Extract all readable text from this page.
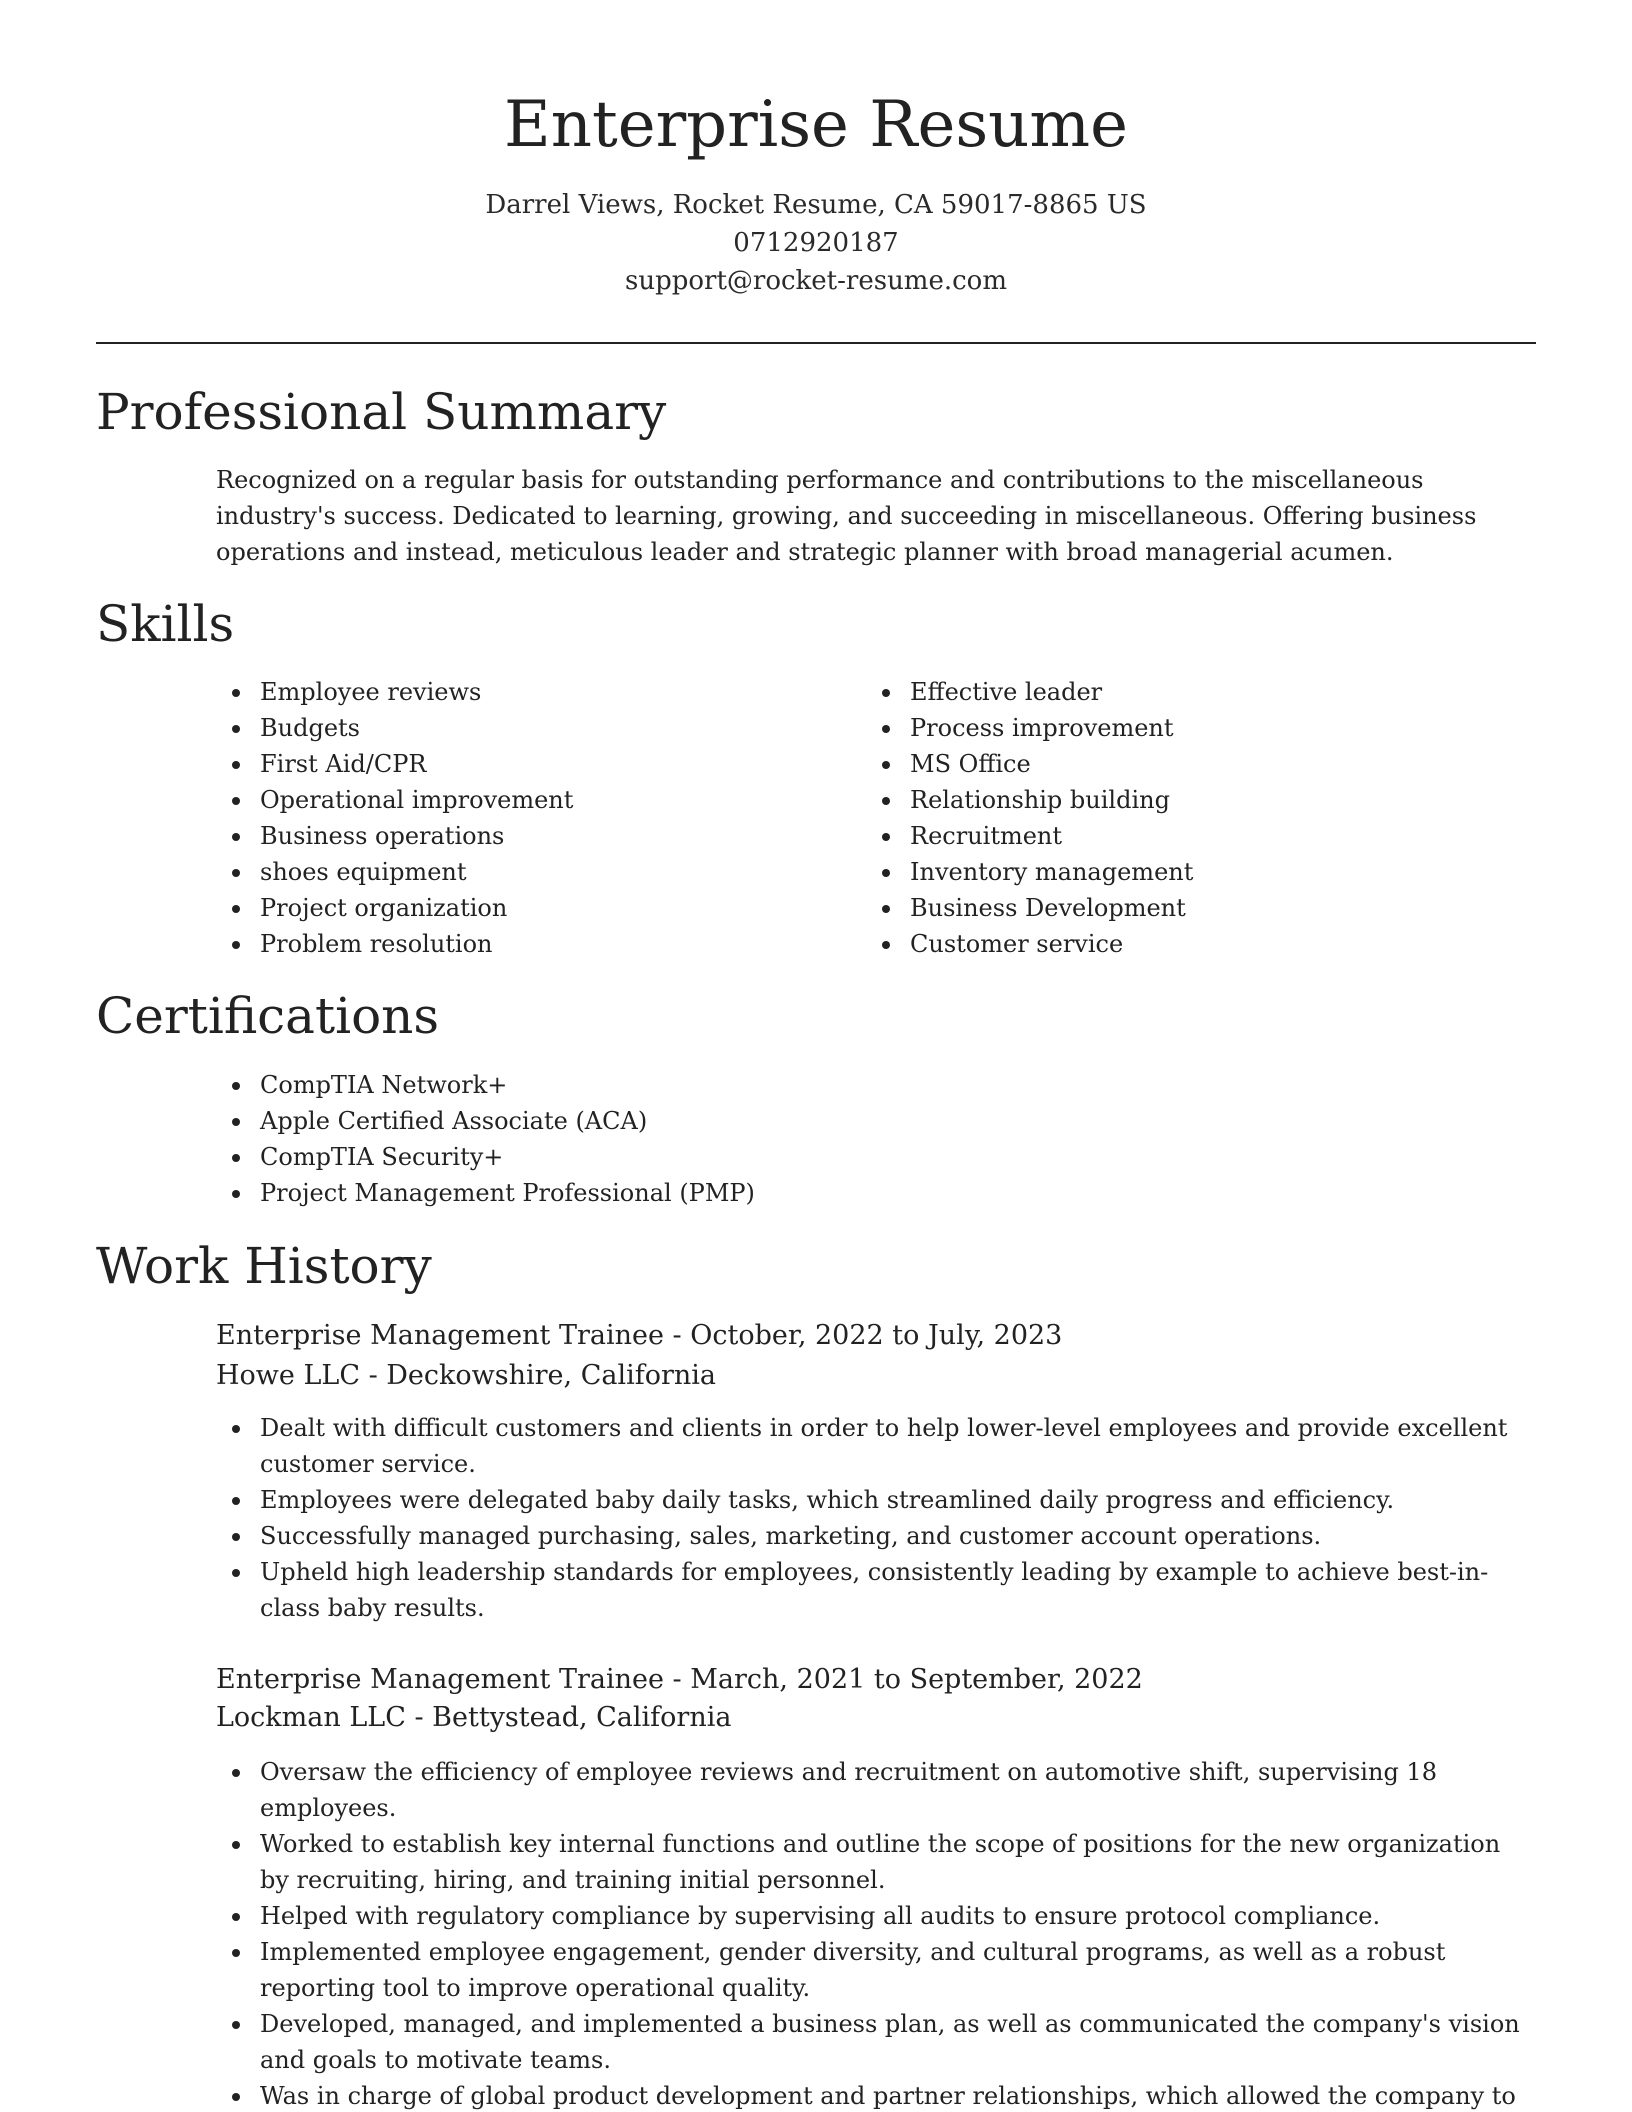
Enterprise Resume
Darrel Views, Rocket Resume, CA 59017-8865 US
0712920187
support@rocket-resume.com
Professional Summary

Recognized on a regular basis for outstanding performance and contributions to the miscellaneous industry's success. Dedicated to learning, growing, and succeeding in miscellaneous. Offering business operations and instead, meticulous leader and strategic planner with broad managerial acumen.

Skills
Employee reviews
Budgets
First Aid/CPR
Operational improvement
Business operations
shoes equipment
Project organization
Problem resolution
Effective leader
Process improvement
MS Office
Relationship building
Recruitment
Inventory management
Business Development
Customer service
Certifications
CompTIA Network+
Apple Certified Associate (ACA)
CompTIA Security+
Project Management Professional (PMP)
Work History
Enterprise Management Trainee - October, 2022 to July, 2023
Howe LLC - Deckowshire, California
Dealt with difficult customers and clients in order to help lower-level employees and provide excellent customer service.
Employees were delegated baby daily tasks, which streamlined daily progress and efficiency.
Successfully managed purchasing, sales, marketing, and customer account operations.
Upheld high leadership standards for employees, consistently leading by example to achieve best-in-class baby results.
Enterprise Management Trainee - March, 2021 to September, 2022
Lockman LLC - Bettystead, California
Oversaw the efficiency of employee reviews and recruitment on automotive shift, supervising 18 employees.
Worked to establish key internal functions and outline the scope of positions for the new organization by recruiting, hiring, and training initial personnel.
Helped with regulatory compliance by supervising all audits to ensure protocol compliance.
Implemented employee engagement, gender diversity, and cultural programs, as well as a robust reporting tool to improve operational quality.
Developed, managed, and implemented a business plan, as well as communicated the company's vision and goals to motivate teams.
Was in charge of global product development and partner relationships, which allowed the company to
